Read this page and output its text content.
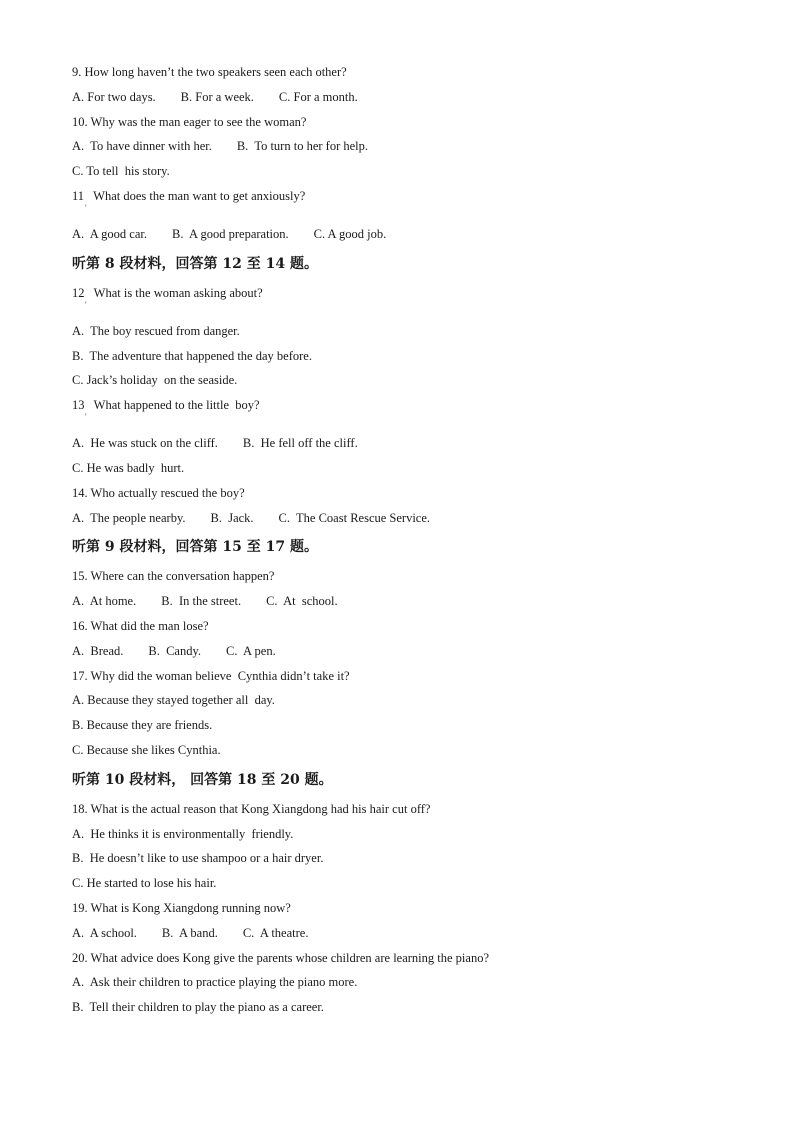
9. How long haven’t the two speakers seen each other?
A. For two days.        B. For a week.        C. For a month.
10. Why was the man eager to see the woman?
A.  To have dinner with her.        B.  To turn to her for help.
C. To tell  his story.
11   What does the man want to get anxiously? '
A.  A good car.        B.  A good preparation.        C. A good job.
听第 8 段材料，回答第 12 至 14 题。
12   What is the woman asking about? '
A.  The boy rescued from danger.
B.  The adventure that happened the day before.
C. Jack’s holiday  on the seaside.
13   What happened to the little  boy? '
A.  He was stuck on the cliff.        B.  He fell off the cliff.
C. He was badly  hurt.
14. Who actually rescued the boy?
A.  The people nearby.        B.  Jack.        C.  The Coast Rescue Service.
听第 9 段材料，回答第 15 至 17 题。
15. Where can the conversation happen?
A.  At home.        B.  In the street.        C.  At  school.
16. What did the man lose?
A.  Bread.        B.  Candy.        C.  A pen.
17. Why did the woman believe  Cynthia didn’t take it?
A. Because they stayed together all  day.
B. Because they are friends.
C. Because she likes Cynthia.
听第 10 段材料， 回答第 18 至 20 题。
18. What is the actual reason that Kong Xiangdong had his hair cut off?
A.  He thinks it is environmentally  friendly.
B.  He doesn’t like to use shampoo or a hair dryer.
C. He started to lose his hair.
19. What is Kong Xiangdong running now?
A.  A school.        B.  A band.        C.  A theatre.
20. What advice does Kong give the parents whose children are learning the piano?
A.  Ask their children to practice playing the piano more.
B.  Tell their children to play the piano as a career.
